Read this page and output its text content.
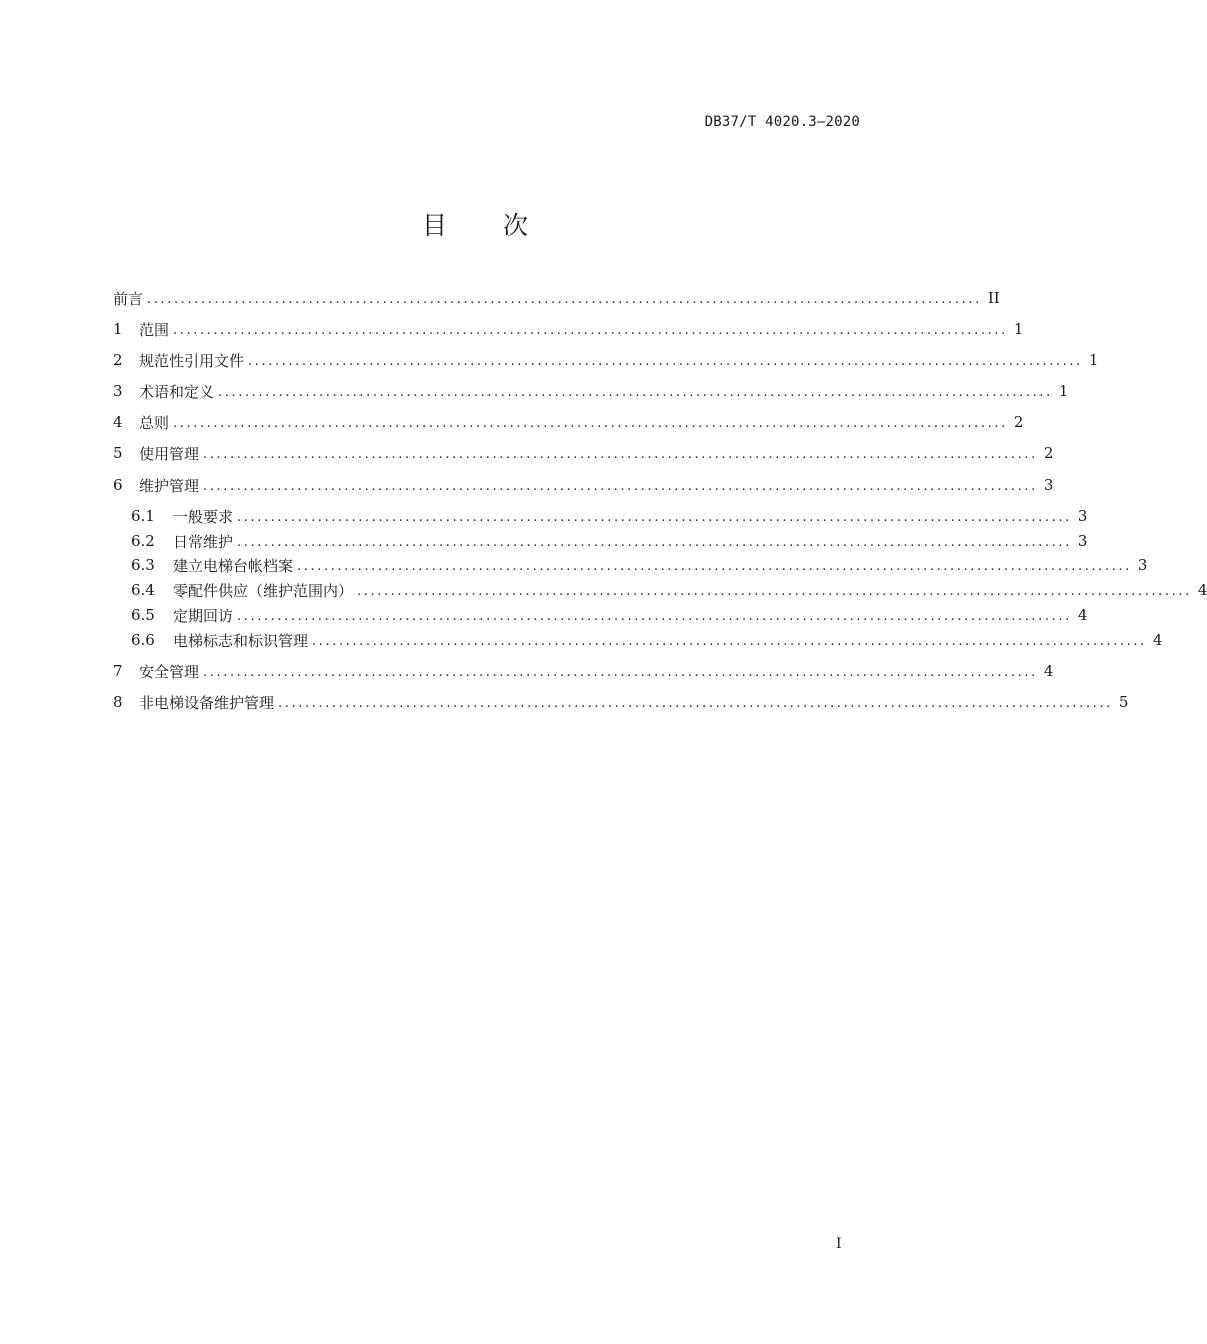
DB37/T 4020.3—2020
目 次
前言 ............................................................................................................................ II
1	范围 ............................................................................................................................ 1
2	规范性引用文件 ............................................................................................................................ 1
3	术语和定义 ............................................................................................................................ 1
4	总则 ............................................................................................................................ 2
5	使用管理 ............................................................................................................................ 2
6	维护管理 ............................................................................................................................ 3
6.1	一般要求 ............................................................................................................................ 3
6.2	日常维护 ............................................................................................................................ 3
6.3	建立电梯台帐档案 ............................................................................................................................ 3
6.4	零配件供应（维护范围内） ............................................................................................................................ 4
6.5	定期回访 ............................................................................................................................ 4
6.6	电梯标志和标识管理 ............................................................................................................................ 4
7	安全管理 ............................................................................................................................ 4
8	非电梯设备维护管理 ............................................................................................................................ 5
I
